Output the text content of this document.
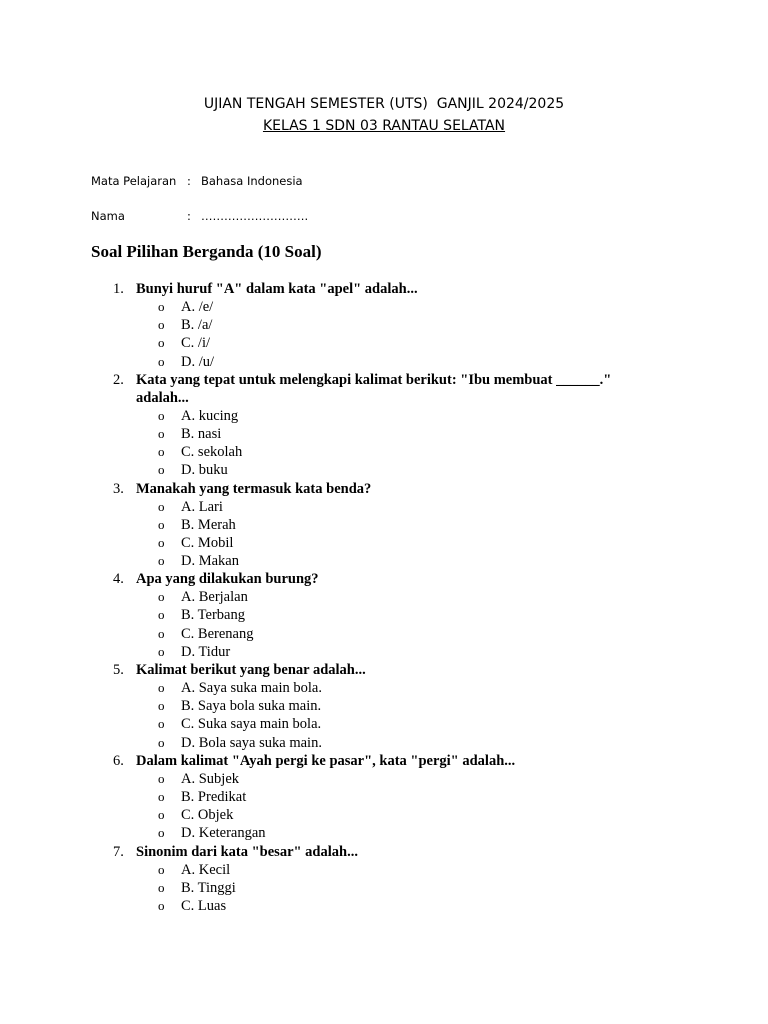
UJIAN TENGAH SEMESTER (UTS)  GANJIL 2024/2025
KELAS 1 SDN 03 RANTAU SELATAN
Mata Pelajaran : Bahasa Indonesia
Nama	: ……………………….
Soal Pilihan Berganda (10 Soal)
1. Bunyi huruf "A" dalam kata "apel" adalah...
o A. /e/
o B. /a/
o C. /i/
o D. /u/
2. Kata yang tepat untuk melengkapi kalimat berikut: "Ibu membuat ______." adalah...
o A. kucing
o B. nasi
o C. sekolah
o D. buku
3. Manakah yang termasuk kata benda?
o A. Lari
o B. Merah
o C. Mobil
o D. Makan
4. Apa yang dilakukan burung?
o A. Berjalan
o B. Terbang
o C. Berenang
o D. Tidur
5. Kalimat berikut yang benar adalah...
o A. Saya suka main bola.
o B. Saya bola suka main.
o C. Suka saya main bola.
o D. Bola saya suka main.
6. Dalam kalimat "Ayah pergi ke pasar", kata "pergi" adalah...
o A. Subjek
o B. Predikat
o C. Objek
o D. Keterangan
7. Sinonim dari kata "besar" adalah...
o A. Kecil
o B. Tinggi
o C. Luas
